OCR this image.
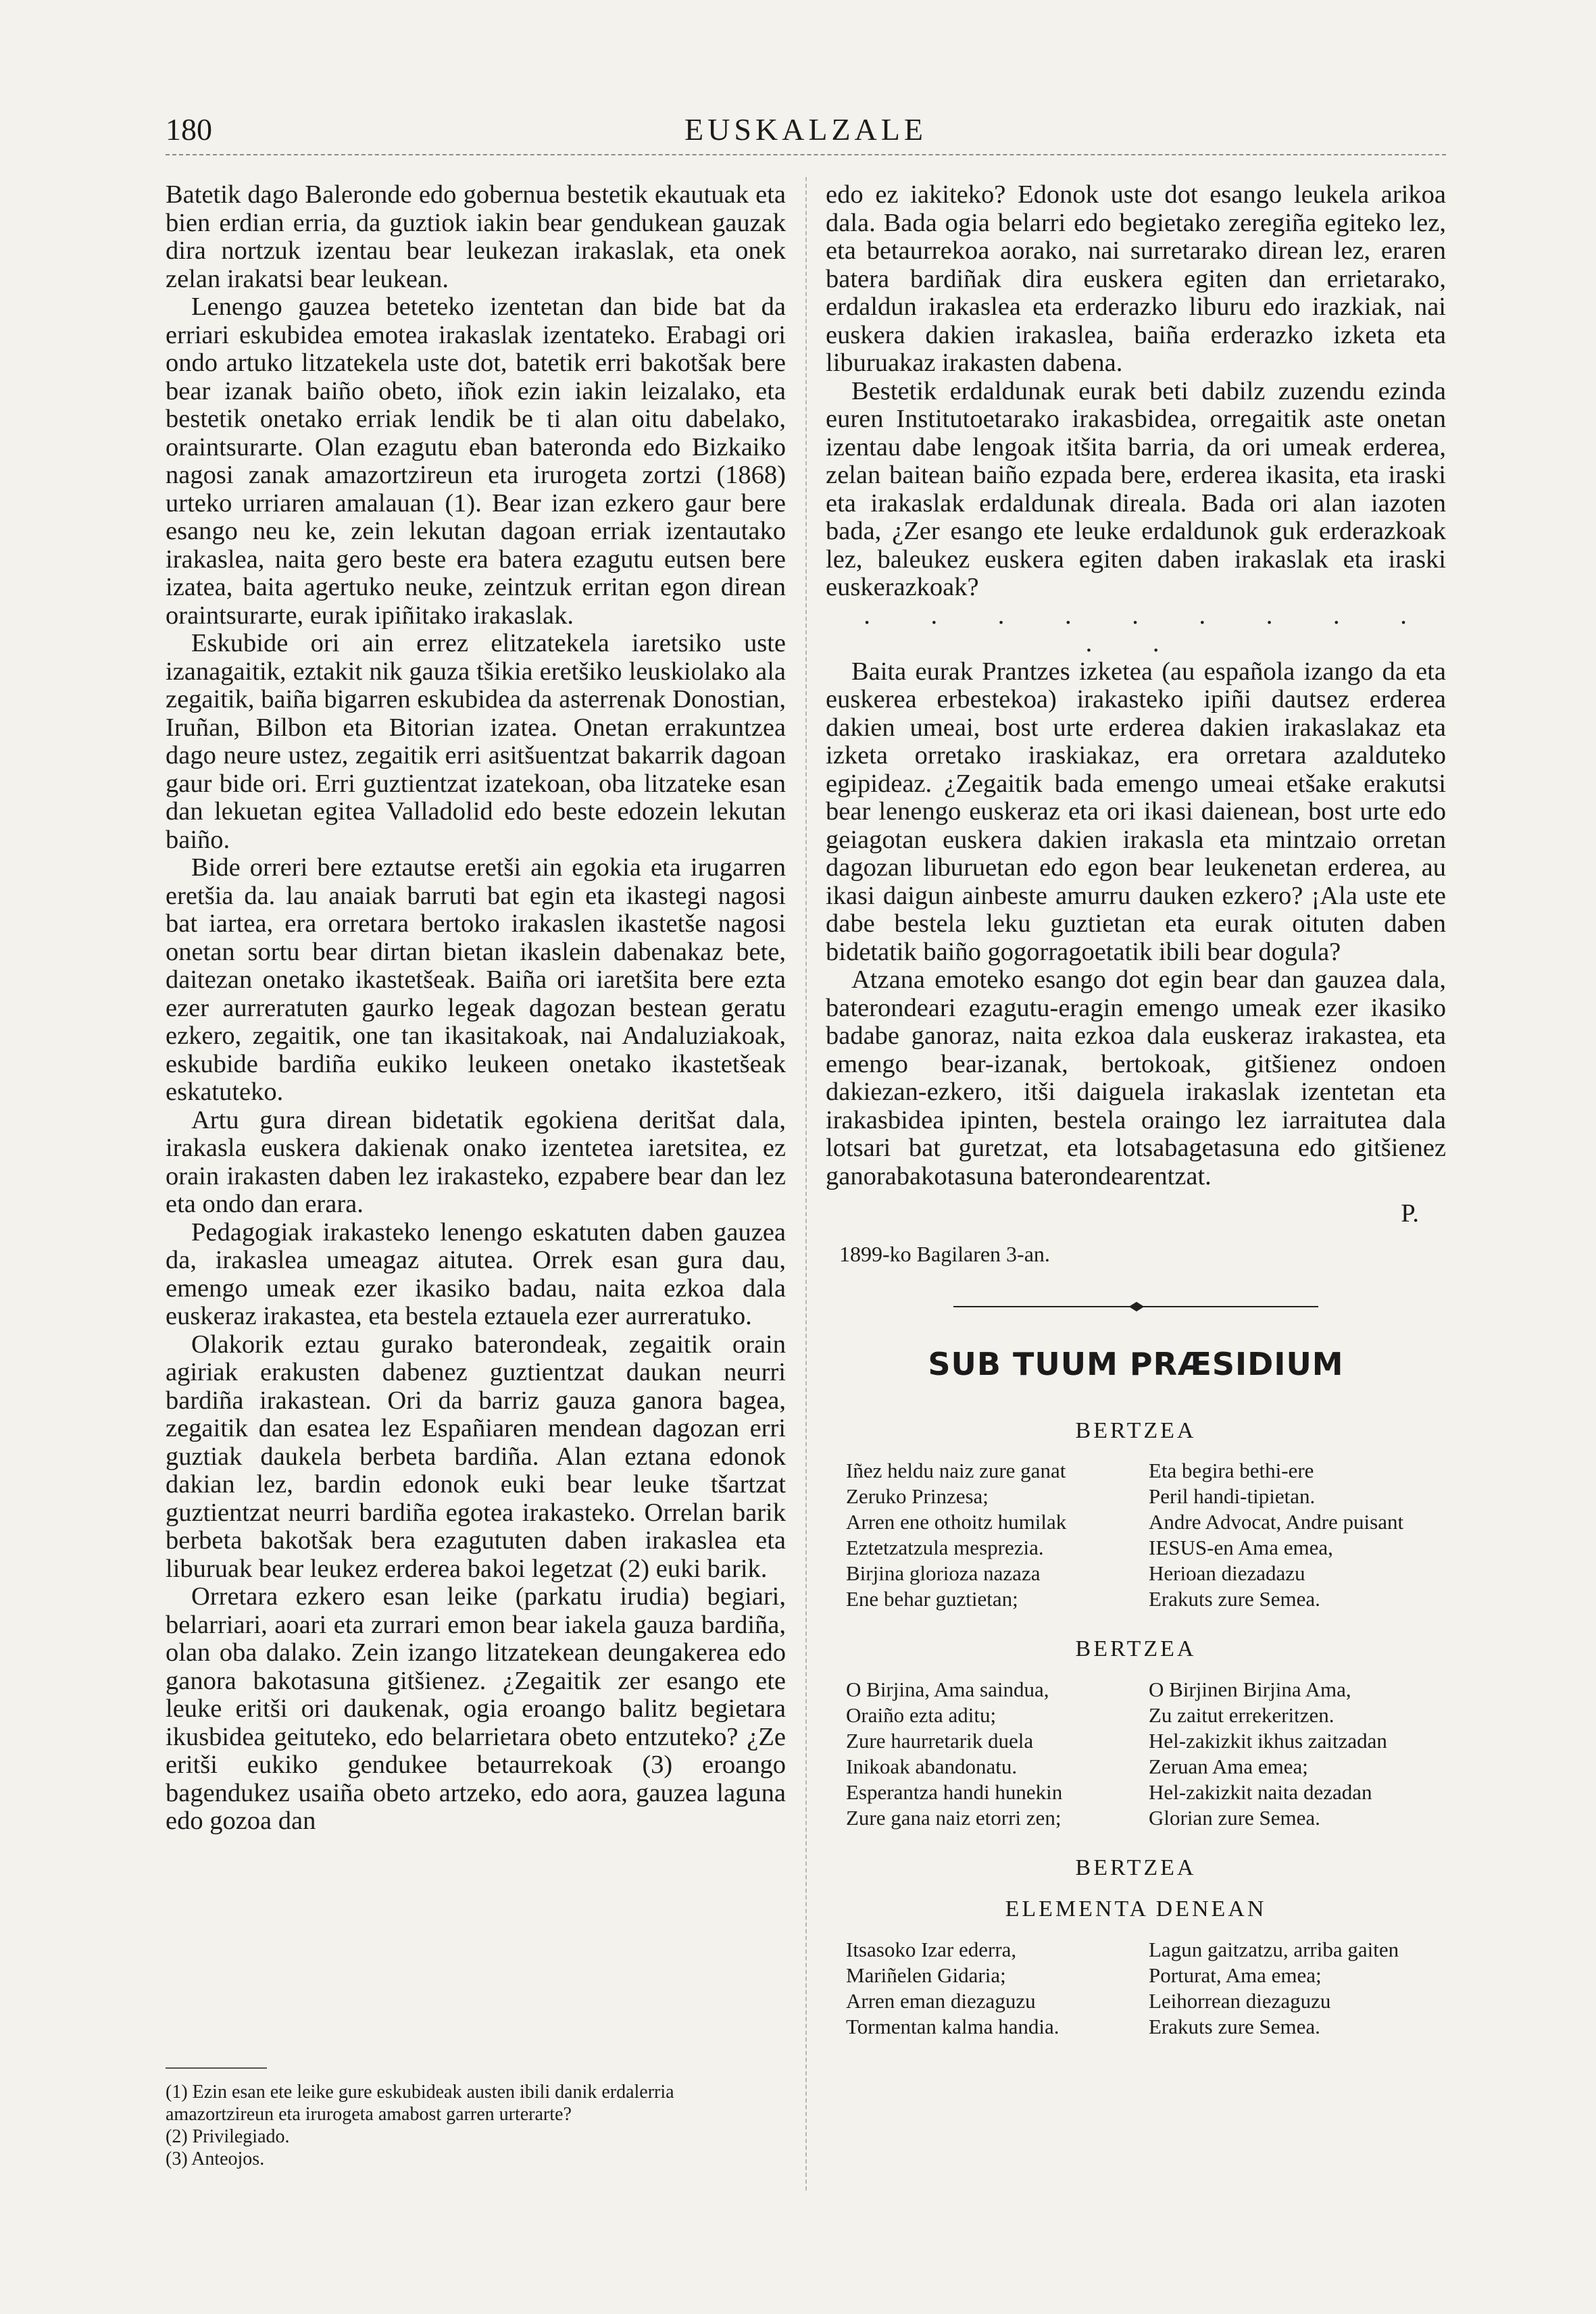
180	EUSKALZALE

Batetik dago Baleronde edo gobernua bestetik ekautuak eta bien erdian erria, da guztiok iakin bear gendukean gauzak dira nortzuk izentau bear leukezan irakaslak, eta onek zelan irakatsi bear leukean.

Lenengo gauzea beteteko izentetan dan bide bat da erriari eskubidea emotea irakaslak izentateko. Erabagi ori ondo artuko litzatekela uste dot, batetik erri bakotšak bere bear izanak baiño obeto, iñok ezin iakin leizalako, eta bestetik onetako erriak lendik be ti alan oitu dabelako, oraintsurarte. Olan ezagutu eban bateronda edo Bizkaiko nagosi zanak amazortzireun eta irurogeta zortzi (1868) urteko urriaren amalauan (1). Bear izan ezkero gaur bere esango neu ke, zein lekutan dagoan erriak izentautako irakaslea, naita gero beste era batera ezagutu eutsen bere izatea, baita agertuko neuke, zeintzuk erritan egon direan oraintsurarte, eurak ipiñitako irakaslak.

Eskubide ori ain errez elitzatekela iaretsiko uste izanagaitik, eztakit nik gauza tšikia eretšiko leuskiolako ala zegaitik, baiña bigarren eskubidea da asterrenak Donostian, Iruñan, Bilbon eta Bitorian izatea. Onetan errakuntzea dago neure ustez, zegaitik erri asitšuentzat bakarrik dagoan gaur bide ori. Erri guztientzat izatekoan, oba litzateke esan dan lekuetan egitea Valladolid edo beste edozein lekutan baiño.

Bide orreri bere eztautse eretši ain egokia eta irugarren eretšia da. lau anaiak barruti bat egin eta ikastegi nagosi bat iartea, era orretara bertoko irakaslen ikastetše nagosi onetan sortu bear dirtan bietan ikaslein dabenakaz bete, daitezan onetako ikastetšeak. Baiña ori iaretšita bere ezta ezer aurreratuten gaurko legeak dagozan bestean geratu ezkero, zegaitik, one tan ikasitakoak, nai Andaluziakoak, eskubide bardiña eukiko leukeen onetako ikastetšeak eskatuteko.

Artu gura direan bidetatik egokiena deritšat dala, irakasla euskera dakienak onako izentetea iaretsitea, ez orain irakasten daben lez irakasteko, ezpabere bear dan lez eta ondo dan erara.

Pedagogiak irakasteko lenengo eskatuten daben gauzea da, irakaslea umeagaz aitutea. Orrek esan gura dau, emengo umeak ezer ikasiko badau, naita ezkoa dala euskeraz irakastea, eta bestela eztauela ezer aurreratuko.

Olakorik eztau gurako baterondeak, zegaitik orain agiriak erakusten dabenez guztientzat daukan neurri bardiña irakastean. Ori da barriz gauza ganora bagea, zegaitik dan esatea lez Españiaren mendean dagozan erri guztiak daukela berbeta bardiña. Alan eztana edonok dakian lez, bardin edonok euki bear leuke tšartzat guztientzat neurri bardiña egotea irakasteko. Orrelan barik berbeta bakotšak bera ezagututen daben irakaslea eta liburuak bear leukez erderea bakoi legetzat (2) euki barik.

Orretara ezkero esan leike (parkatu irudia) begiari, belarriari, aoari eta zurrari emon bear iakela gauza bardiña, olan oba dalako. Zein izango litzatekean deungakerea edo ganora bakotasuna gitšienez. ¿Zegaitik zer esango ete leuke eritši ori daukenak, ogia eroango balitz begietara ikusbidea geituteko, edo belarrietara obeto entzuteko? ¿Ze eritši eukiko gendukee betaurrekoak (3) eroango bagendukez usaiña obeto artzeko, edo aora, gauzea laguna edo gozoa dan

(1) Ezin esan ete leike gure eskubideak austen ibili danik erdalerria amazortzireun eta irurogeta amabost garren urterarte?

(2) Privilegiado.

(3) Anteojos.

edo ez iakiteko? Edonok uste dot esango leukela arikoa dala. Bada ogia belarri edo begietako zeregiña egiteko lez, eta betaurrekoa aorako, nai surretarako direan lez, eraren batera bardiñak dira euskera egiten dan errietarako, erdaldun irakaslea eta erderazko liburu edo irazkiak, nai euskera dakien irakaslea, baiña erderazko izketa eta liburuakaz irakasten dabena.

Bestetik erdaldunak eurak beti dabilz zuzendu ezinda euren Institutoetarako irakasbidea, orregaitik aste onetan izentau dabe lengoak itšita barria, da ori umeak erderea, zelan baitean baiño ezpada bere, erderea ikasita, eta iraski eta irakaslak erdaldunak direala. Bada ori alan iazoten bada, ¿Zer esango ete leuke erdaldunok guk erderazkoak lez, baleukez euskera egiten daben irakaslak eta iraski euskerazkoak?

. . . . . . . . . . .

Baita eurak Prantzes izketea (au española izango da eta euskerea erbestekoa) irakasteko ipiñi dautsez erderea dakien umeai, bost urte erderea dakien irakaslakaz eta izketa orretako iraskiakaz, era orretara azalduteko egipideaz. ¿Zegaitik bada emengo umeai etšake erakutsi bear lenengo euskeraz eta ori ikasi daienean, bost urte edo geiagotan euskera dakien irakasla eta mintzaio orretan dagozan liburuetan edo egon bear leukenetan erderea, au ikasi daigun ainbeste amurru dauken ezkero? ¡Ala uste ete dabe bestela leku guztietan eta eurak oituten daben bidetatik baiño gogorragoetatik ibili bear dogula?

Atzana emoteko esango dot egin bear dan gauzea dala, baterondeari ezagutu-eragin emengo umeak ezer ikasiko badabe ganoraz, naita ezkoa dala euskeraz irakastea, eta emengo bear-izanak, bertokoak, gitšienez ondoen dakiezan-ezkero, itši daiguela irakaslak izentetan eta irakasbidea ipinten, bestela oraingo lez iarraitutea dala lotsari bat guretzat, eta lotsabagetasuna edo gitšienez ganorabakotasuna baterondearentzat.

P.
1899-ko Bagilaren 3-an.
SUB TUUM PRÆSIDIUM
BERTZEA
Iñez heldu naiz zure ganat
Zeruko Prinzesa;
Arren ene othoitz humilak
Eztetzatzula mesprezia.
Birjina glorioza nazaza
Ene behar guztietan;
Eta begira bethi-ere
Peril handi-tipietan.
Andre Advocat, Andre puisant
IESUS-en Ama emea,
Herioan diezadazu
Erakuts zure Semea.
BERTZEA
O Birjina, Ama saindua,
Oraiño ezta aditu;
Zure haurretarik duela
Inikoak abandonatu.
Esperantza handi hunekin
Zure gana naiz etorri zen;
O Birjinen Birjina Ama,
Zu zaitut errekeritzen.
Hel-zakizkit ikhus zaitzadan
Zeruan Ama emea;
Hel-zakizkit naita dezadan
Glorian zure Semea.
BERTZEA
ELEMENTA DENEAN
Itsasoko Izar ederra,
Mariñelen Gidaria;
Arren eman diezaguzu
Tormentan kalma handia.
Lagun gaitzatzu, arriba gaiten
Porturat, Ama emea;
Leihorrean diezaguzu
Erakuts zure Semea.
